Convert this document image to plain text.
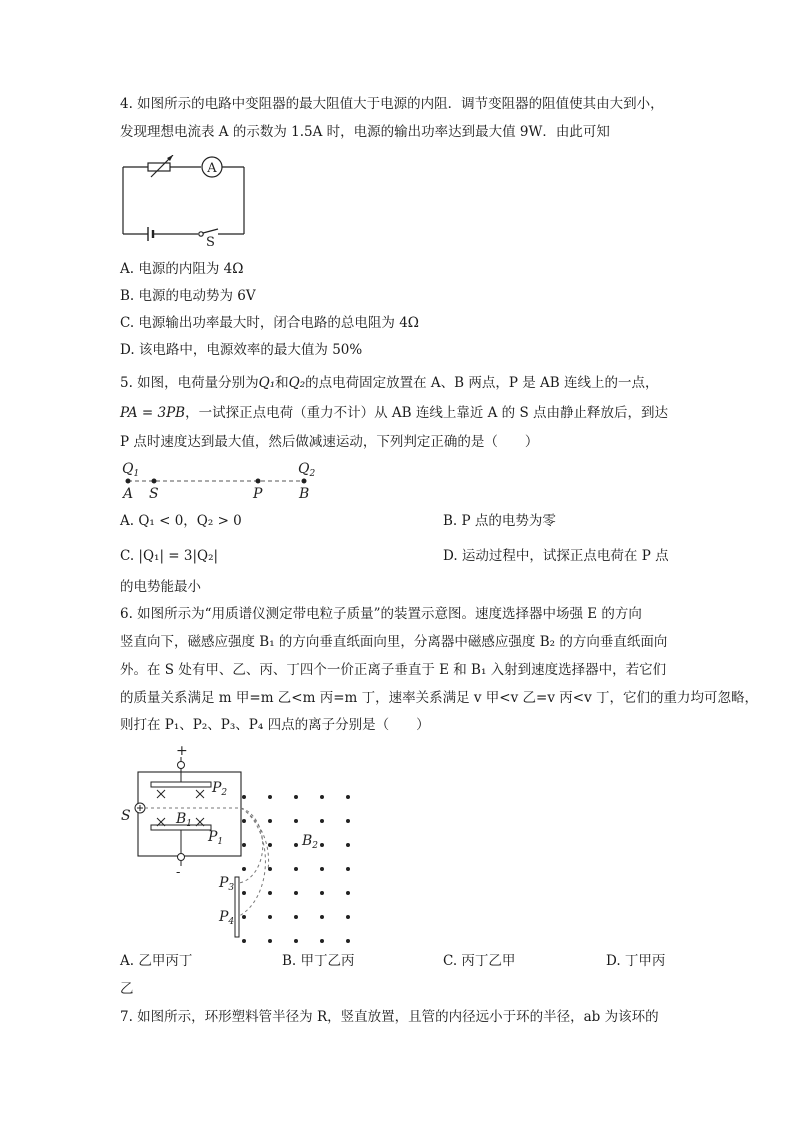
4. 如图所示的电路中变阻器的最大阻值大于电源的内阻．调节变阻器的阻值使其由大到小，
发现理想电流表 A 的示数为 1.5A 时，电源的输出功率达到最大值 9W．由此可知
A
S
A. 电源的内阻为 4Ω
B. 电源的电动势为 6V
C. 电源输出功率最大时，闭合电路的总电阻为 4Ω
D. 该电路中，电源效率的最大值为 50%
5. 如图，电荷量分别为Q₁和Q₂的点电荷固定放置在 A、B 两点，P 是 AB 连线上的一点，
PA = 3PB，一试探正点电荷（重力不计）从 AB 连线上靠近 A 的 S 点由静止释放后，到达
P 点时速度达到最大值，然后做减速运动，下列判定正确的是（　　）
$Q_1$	$Q_2$
A S	P	B
A. Q₁ < 0，Q₂ > 0	B. P 点的电势为零
C. |Q₁| = 3|Q₂|	D. 运动过程中，试探正点电荷在 P 点
的电势能最小
6. 如图所示为“用质谱仪测定带电粒子质量”的装置示意图。速度选择器中场强 E 的方向
竖直向下，磁感应强度 B₁ 的方向垂直纸面向里，分离器中磁感应强度 B₂ 的方向垂直纸面向
外。在 S 处有甲、乙、丙、丁四个一价正离子垂直于 E 和 B₁ 入射到速度选择器中，若它们
的质量关系满足 m 甲=m 乙<m 丙=m 丁，速率关系满足 v 甲<v 乙=v 丙<v 丁，它们的重力均可忽略，
则打在 P₁、P₂、P₃、P₄ 四点的离子分别是（　　）
+
-
S
$P_2$
$B_1$
$P_1$
$P_3$
$P_4$
$B_2$
A. 乙甲丙丁	B. 甲丁乙丙	C. 丙丁乙甲	D. 丁甲丙
乙
7. 如图所示，环形塑料管半径为 R，竖直放置，且管的内径远小于环的半径，ab 为该环的
